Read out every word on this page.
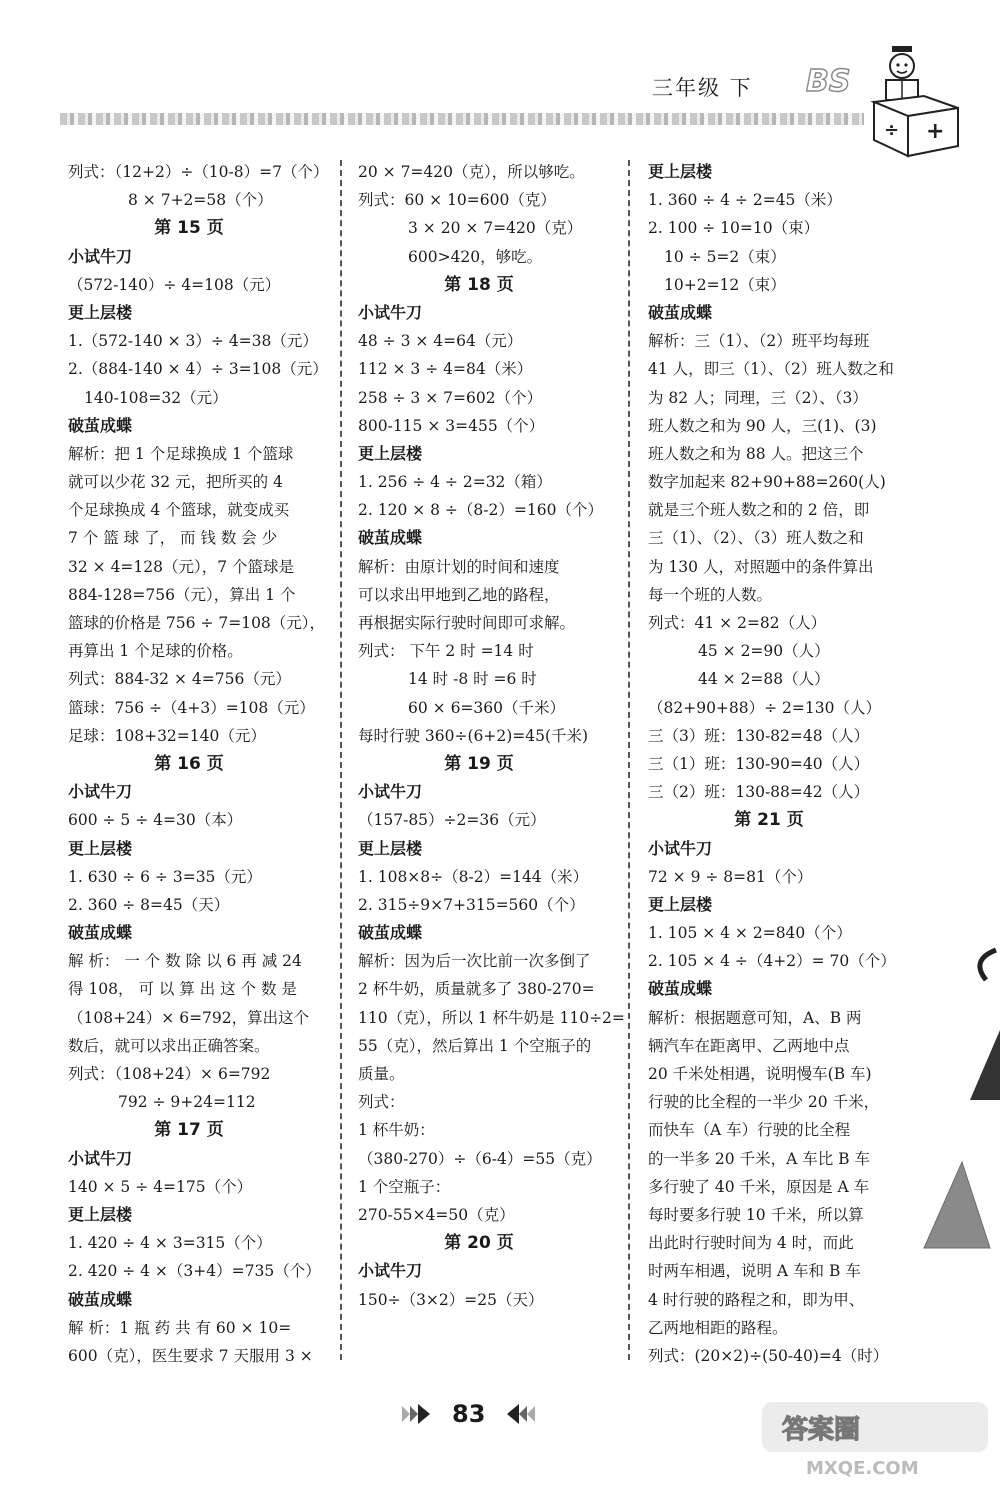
三年级 下 BS
÷ +
列式：（12+2）÷（10-8）=7（个）
8 × 7+2=58（个）
第 15 页
小试牛刀
（572-140）÷ 4=108（元）
更上层楼
1.（572-140 × 3）÷ 4=38（元）
2.（884-140 × 4）÷ 3=108（元）
140-108=32（元）
破茧成蝶
解析：把 1 个足球换成 1 个篮球
就可以少花 32 元，把所买的 4
个足球换成 4 个篮球，就变成买
7 个 篮 球 了， 而 钱 数 会 少
32 × 4=128（元），7 个篮球是
884-128=756（元），算出 1 个
篮球的价格是 756 ÷ 7=108（元），
再算出 1 个足球的价格。
列式：884-32 × 4=756（元）
篮球：756 ÷（4+3）=108（元）
足球：108+32=140（元）
第 16 页
小试牛刀
600 ÷ 5 ÷ 4=30（本）
更上层楼
1. 630 ÷ 6 ÷ 3=35（元）
2. 360 ÷ 8=45（天）
破茧成蝶
解 析： 一 个 数 除 以 6 再 减 24
得 108， 可 以 算 出 这 个 数 是
（108+24）× 6=792，算出这个
数后，就可以求出正确答案。
列式：（108+24）× 6=792
792 ÷ 9+24=112
第 17 页
小试牛刀
140 × 5 ÷ 4=175（个）
更上层楼
1. 420 ÷ 4 × 3=315（个）
2. 420 ÷ 4 ×（3+4）=735（个）
破茧成蝶
解 析：1 瓶 药 共 有 60 × 10=
600（克），医生要求 7 天服用 3 ×
20 × 7=420（克），所以够吃。
列式：60 × 10=600（克）
3 × 20 × 7=420（克）
600>420，够吃。
第 18 页
小试牛刀
48 ÷ 3 × 4=64（元）
112 × 3 ÷ 4=84（米）
258 ÷ 3 × 7=602（个）
800-115 × 3=455（个）
更上层楼
1. 256 ÷ 4 ÷ 2=32（箱）
2. 120 × 8 ÷（8-2）=160（个）
破茧成蝶
解析：由原计划的时间和速度
可以求出甲地到乙地的路程，
再根据实际行驶时间即可求解。
列式： 下午 2 时 =14 时
14 时 -8 时 =6 时
60 × 6=360（千米）
每时行驶 360÷(6+2)=45(千米)
第 19 页
小试牛刀
（157-85）÷2=36（元）
更上层楼
1. 108×8÷（8-2）=144（米）
2. 315÷9×7+315=560（个）
破茧成蝶
解析：因为后一次比前一次多倒了
2 杯牛奶，质量就多了 380-270=
110（克），所以 1 杯牛奶是 110÷2=
55（克），然后算出 1 个空瓶子的
质量。
列式：
1 杯牛奶：
（380-270）÷（6-4）=55（克）
1 个空瓶子：
270-55×4=50（克）
第 20 页
小试牛刀
150÷（3×2）=25（天）
更上层楼
1. 360 ÷ 4 ÷ 2=45（米）
2. 100 ÷ 10=10（束）
10 ÷ 5=2（束）
10+2=12（束）
破茧成蝶
解析：三（1）、（2）班平均每班
41 人，即三（1）、（2）班人数之和
为 82 人；同理，三（2）、（3）
班人数之和为 90 人，三(1)、(3)
班人数之和为 88 人。把这三个
数字加起来 82+90+88=260(人)
就是三个班人数之和的 2 倍，即
三（1）、（2）、（3）班人数之和
为 130 人，对照题中的条件算出
每一个班的人数。
列式：41 × 2=82（人）
45 × 2=90（人）
44 × 2=88（人）
（82+90+88）÷ 2=130（人）
三（3）班：130-82=48（人）
三（1）班：130-90=40（人）
三（2）班：130-88=42（人）
第 21 页
小试牛刀
72 × 9 ÷ 8=81（个）
更上层楼
1. 105 × 4 × 2=840（个）
2. 105 × 4 ÷（4+2）= 70（个）
破茧成蝶
解析：根据题意可知，A、B 两
辆汽车在距离甲、乙两地中点
20 千米处相遇，说明慢车(B 车)
行驶的比全程的一半少 20 千米，
而快车（A 车）行驶的比全程
的一半多 20 千米，A 车比 B 车
多行驶了 40 千米，原因是 A 车
每时要多行驶 10 千米，所以算
出此时行驶时间为 4 时，而此
时两车相遇，说明 A 车和 B 车
4 时行驶的路程之和，即为甲、
乙两地相距的路程。
列式：(20×2)÷(50-40)=4（时）
83
答案圈
MXQE.COM
